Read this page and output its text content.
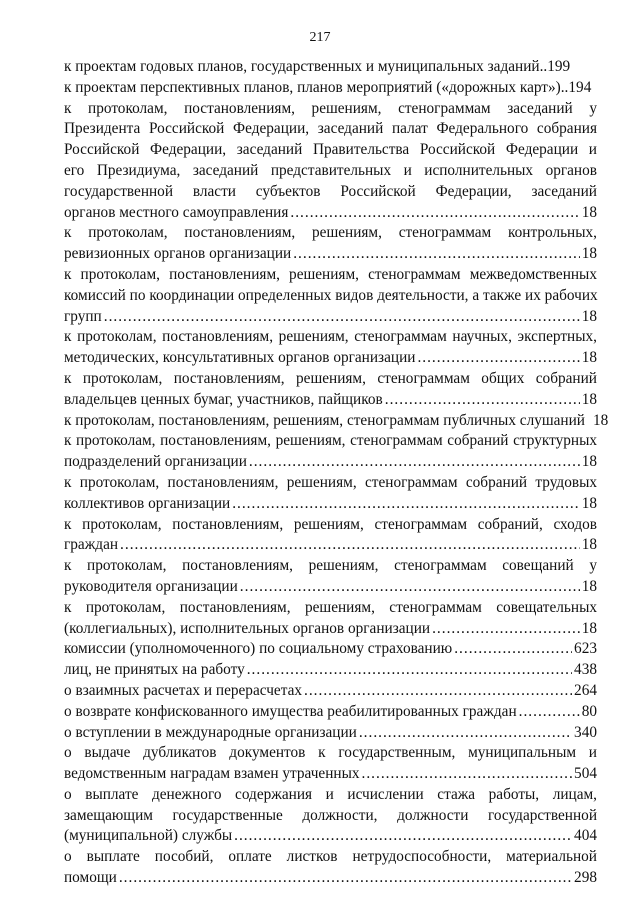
217
к проектам годовых планов, государственных и муниципальных заданий .. 199
к проектам перспективных планов, планов мероприятий («дорожных карт») .. 194
к протоколам, постановлениям, решениям, стенограммам заседаний у
Президента Российской Федерации, заседаний палат Федерального собрания
Российской Федерации, заседаний Правительства Российской Федерации и
его Президиума, заседаний представительных и исполнительных органов
государственной власти субъектов Российской Федерации, заседаний
органов местного самоуправления .....	18
к протоколам, постановлениям, решениям, стенограммам контрольных,
ревизионных органов организации .....	18
к протоколам, постановлениям, решениям, стенограммам межведомственных
комиссий по координации определенных видов деятельности, а также их рабочих
групп .....	18
к протоколам, постановлениям, решениям, стенограммам научных, экспертных,
методических, консультативных органов организации .....	18
к протоколам, постановлениям, решениям, стенограммам общих собраний
владельцев ценных бумаг, участников, пайщиков .....	18
к протоколам, постановлениям, решениям, стенограммам публичных слушаний 18
к протоколам, постановлениям, решениям, стенограммам собраний структурных
подразделений организации .....	18
к протоколам, постановлениям, решениям, стенограммам собраний трудовых
коллективов организации .....	18
к протоколам, постановлениям, решениям, стенограммам собраний, сходов
граждан .....	18
к протоколам, постановлениям, решениям, стенограммам совещаний у
руководителя организации .....	18
к протоколам, постановлениям, решениям, стенограммам совещательных
(коллегиальных), исполнительных органов организации .....	18
комиссии (уполномоченного) по социальному страхованию .....	623
лиц, не принятых на работу .....	438
о взаимных расчетах и перерасчетах .....	264
о возврате конфискованного имущества реабилитированных граждан .....	80
о вступлении в международные организации .....	340
о выдаче дубликатов документов к государственным, муниципальным и
ведомственным наградам взамен утраченных .....	504
о выплате денежного содержания и исчислении стажа работы, лицам,
замещающим государственные должности, должности государственной
(муниципальной) службы .....	404
о выплате пособий, оплате листков нетрудоспособности, материальной
помощи .....	298
